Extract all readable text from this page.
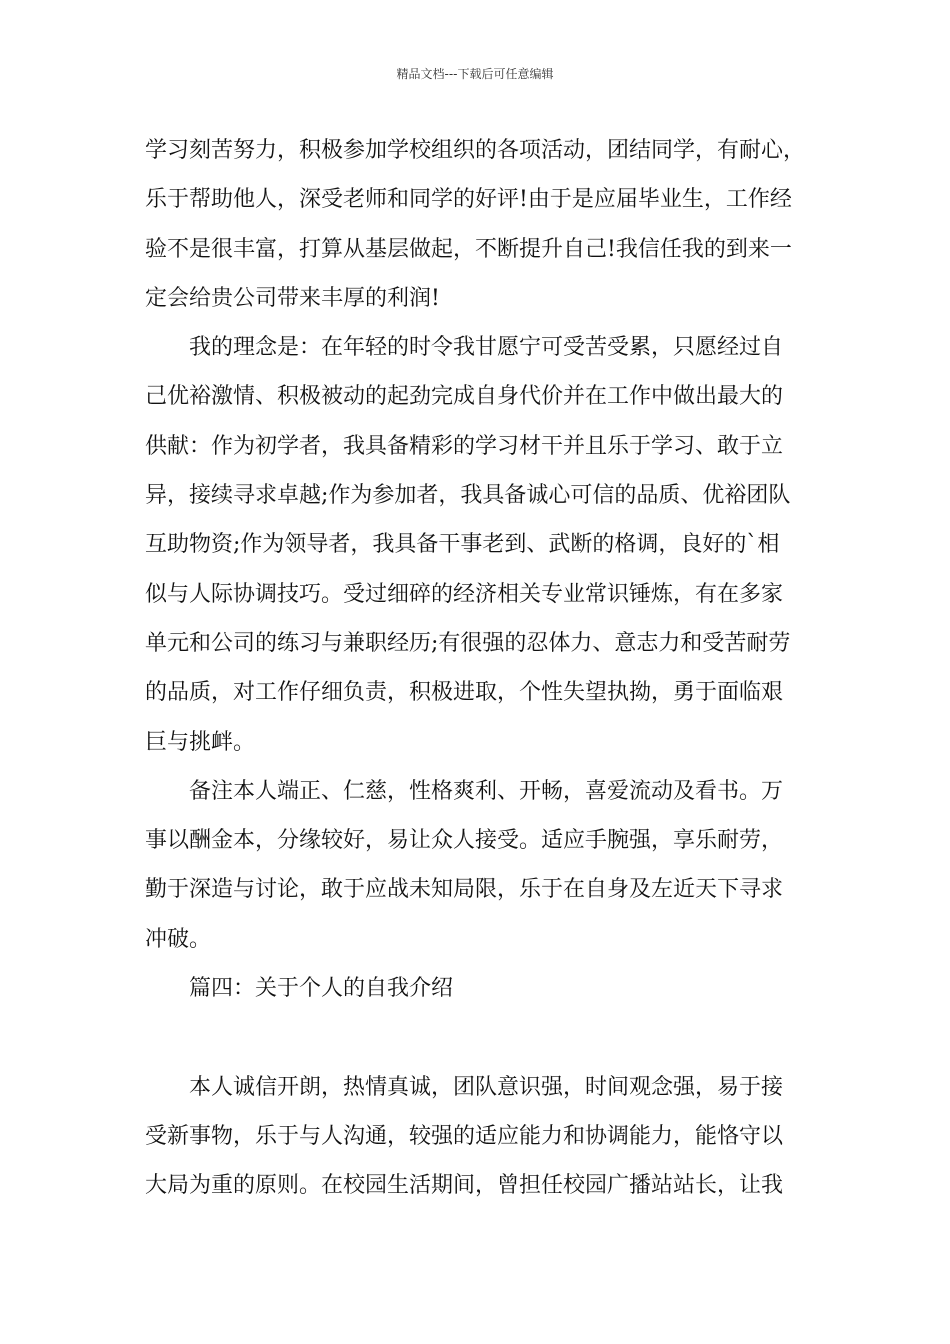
精品文档---下载后可任意编辑
学习刻苦努力，积极参加学校组织的各项活动，团结同学，有耐心，
乐于帮助他人，深受老师和同学的好评!由于是应届毕业生，工作经
验不是很丰富，打算从基层做起，不断提升自己!我信任我的到来一
定会给贵公司带来丰厚的利润!
我的理念是：在年轻的时令我甘愿宁可受苦受累，只愿经过自
己优裕激情、积极被动的起劲完成自身代价并在工作中做出最大的
供献：作为初学者，我具备精彩的学习材干并且乐于学习、敢于立
异，接续寻求卓越;作为参加者，我具备诚心可信的品质、优裕团队
互助物资;作为领导者，我具备干事老到、武断的格调，良好的`相
似与人际协调技巧。受过细碎的经济相关专业常识锤炼，有在多家
单元和公司的练习与兼职经历;有很强的忍体力、意志力和受苦耐劳
的品质，对工作仔细负责，积极进取，个性失望执拗，勇于面临艰
巨与挑衅。
备注本人端正、仁慈，性格爽利、开畅，喜爱流动及看书。万
事以酬金本，分缘较好，易让众人接受。适应手腕强，享乐耐劳，
勤于深造与讨论，敢于应战未知局限，乐于在自身及左近天下寻求
冲破。
篇四：关于个人的自我介绍
本人诚信开朗，热情真诚，团队意识强，时间观念强，易于接
受新事物，乐于与人沟通，较强的适应能力和协调能力，能恪守以
大局为重的原则。在校园生活期间，曾担任校园广播站站长，让我
